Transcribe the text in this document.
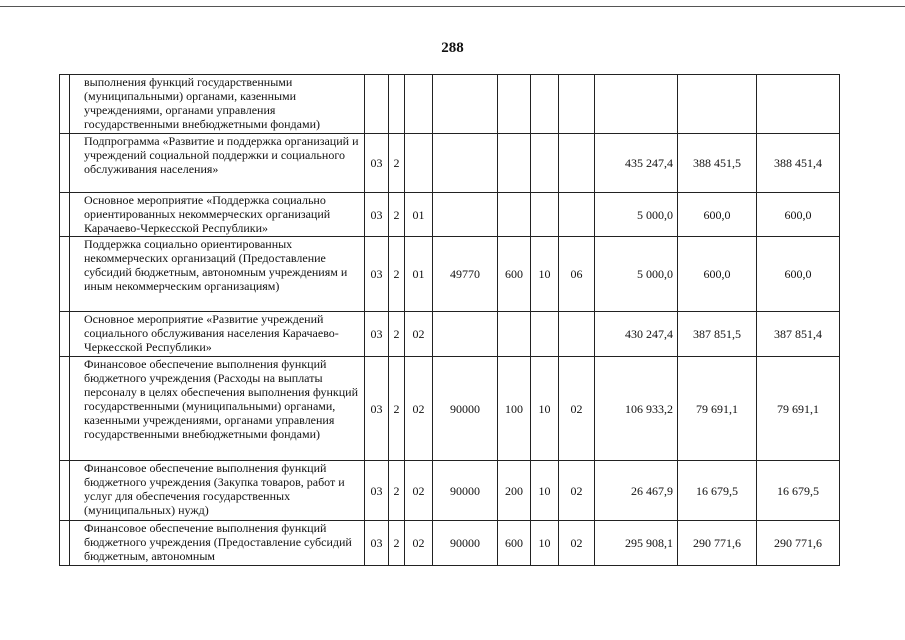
288
	выполнения функций государственными (муниципальными) органами, казенными учреждениями, органами управления государственными внебюджетными фондами)										
	Подпрограмма «Развитие и поддержка организаций и учреждений социальной поддержки и социального обслуживания населения»	03	2						435 247,4	388 451,5	388 451,4
	Основное мероприятие «Поддержка социально ориентированных некоммерческих организаций Карачаево-Черкесской Республики»	03	2	01					5 000,0	600,0	600,0
	Поддержка социально ориентированных некоммерческих организаций (Предоставление субсидий бюджетным, автономным учреждениям и иным некоммерческим организациям)	03	2	01	49770	600	10	06	5 000,0	600,0	600,0
	Основное мероприятие «Развитие учреждений социального обслуживания населения Карачаево-Черкесской Республики»	03	2	02					430 247,4	387 851,5	387 851,4
	Финансовое обеспечение выполнения функций бюджетного учреждения (Расходы на выплаты персоналу в целях обеспечения выполнения функций государственными (муниципальными) органами, казенными учреждениями, органами управления государственными внебюджетными фондами)	03	2	02	90000	100	10	02	106 933,2	79 691,1	79 691,1
	Финансовое обеспечение выполнения функций бюджетного учреждения (Закупка товаров, работ и услуг для обеспечения государственных (муниципальных) нужд)	03	2	02	90000	200	10	02	26 467,9	16 679,5	16 679,5
	Финансовое обеспечение выполнения функций бюджетного учреждения (Предоставление субсидий бюджетным, автономным	03	2	02	90000	600	10	02	295 908,1	290 771,6	290 771,6
